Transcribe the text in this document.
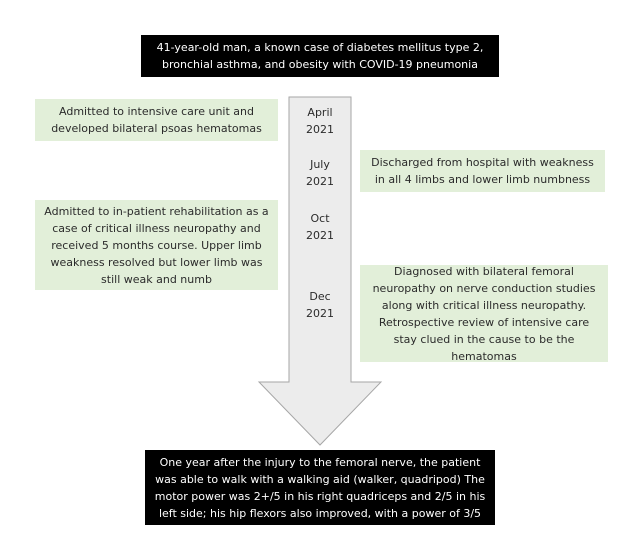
41-year-old man, a known case of diabetes mellitus type 2, bronchial asthma, and obesity with COVID-19 pneumonia
Admitted to intensive care unit and developed bilateral psoas hematomas
Admitted to in-patient rehabilitation as a case of critical illness neuropathy and received 5 months course. Upper limb weakness resolved but lower limb was still weak and numb
Discharged from hospital with weakness in all 4 limbs and lower limb numbness
Diagnosed with bilateral femoral neuropathy on nerve conduction studies along with critical illness neuropathy. Retrospective review of intensive care stay clued in the cause to be the hematomas
April
2021
July
2021
Oct
2021
Dec
2021
One year after the injury to the femoral nerve, the patient was able to walk with a walking aid (walker, quadripod) The motor power was 2+/5 in his right quadriceps and 2/5 in his left side; his hip flexors also improved, with a power of 3/5
